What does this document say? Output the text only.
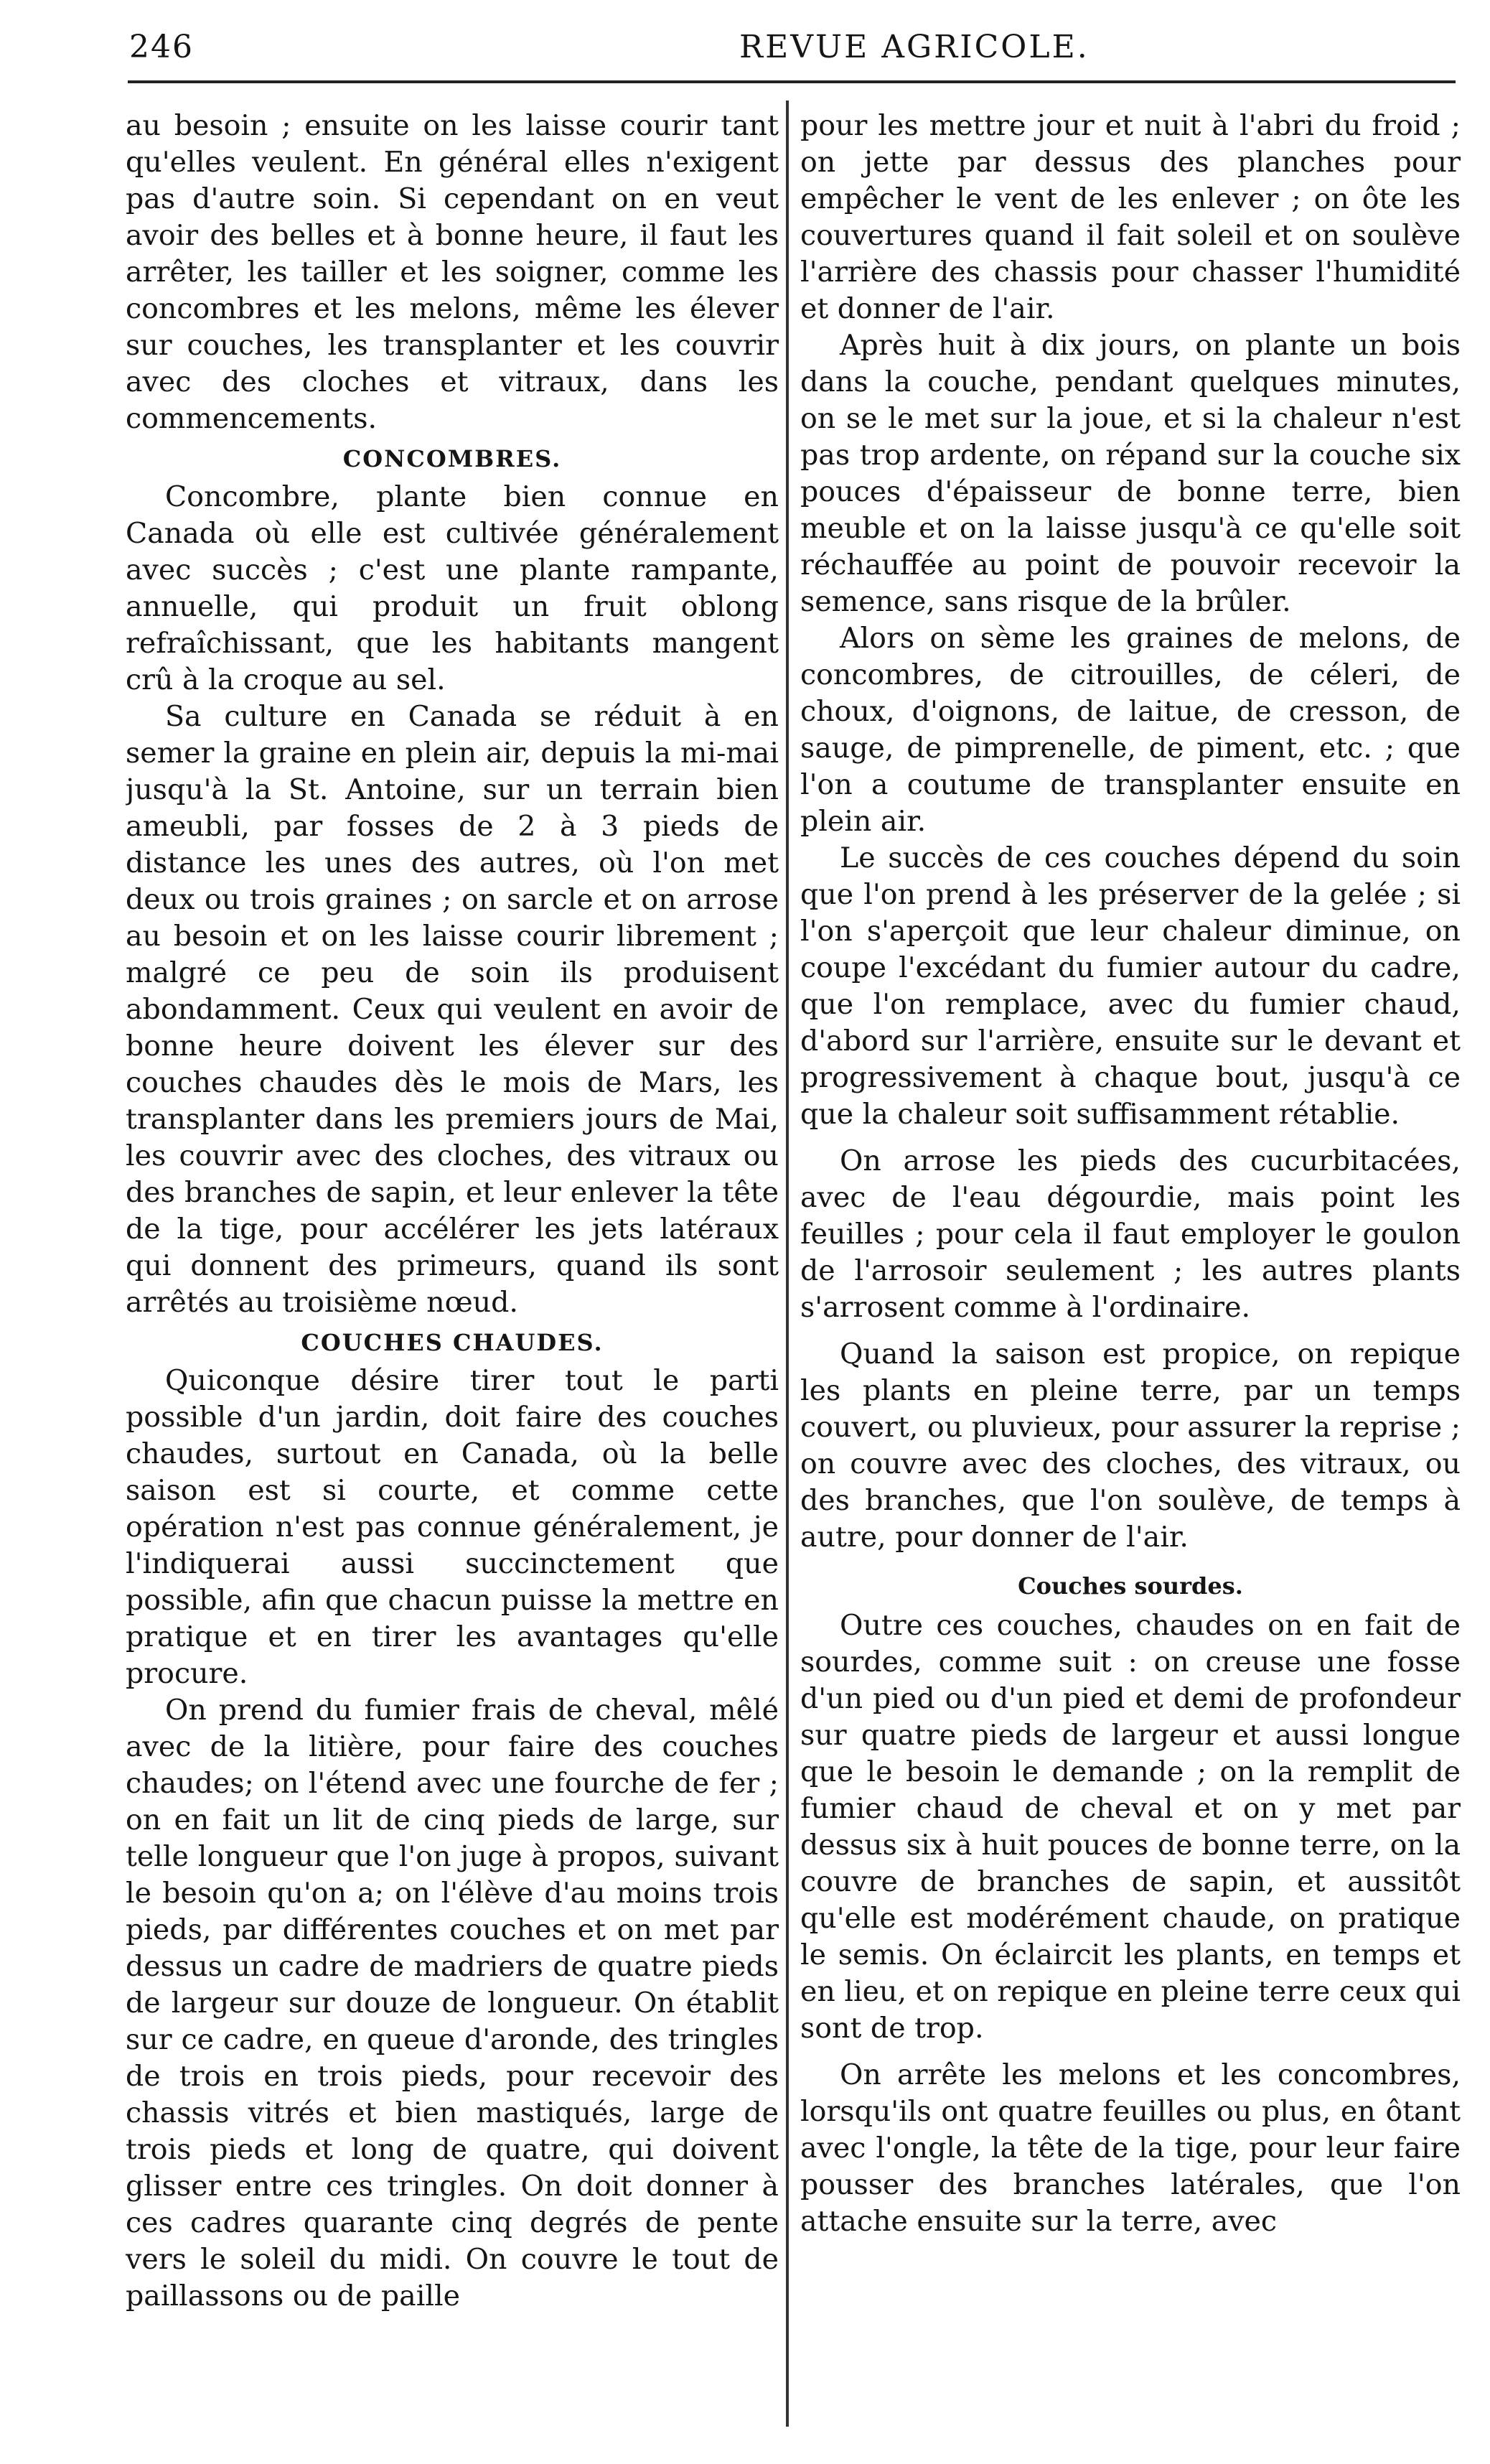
246	REVUE AGRICOLE.

au besoin ; ensuite on les laisse courir tant qu'elles veulent. En général elles n'exigent pas d'autre soin. Si cependant on en veut avoir des belles et à bonne heure, il faut les arrêter, les tailler et les soigner, comme les concombres et les melons, même les élever sur couches, les transplanter et les couvrir avec des cloches et vitraux, dans les commencements.

CONCOMBRES.

Concombre, plante bien connue en Canada où elle est cultivée généralement avec succès ; c'est une plante rampante, annuelle, qui produit un fruit oblong refraîchissant, que les habitants mangent crû à la croque au sel.

Sa culture en Canada se réduit à en semer la graine en plein air, depuis la mi-mai jusqu'à la St. Antoine, sur un terrain bien ameubli, par fosses de 2 à 3 pieds de distance les unes des autres, où l'on met deux ou trois graines ; on sarcle et on arrose au besoin et on les laisse courir librement ; malgré ce peu de soin ils produisent abondamment. Ceux qui veulent en avoir de bonne heure doivent les élever sur des couches chaudes dès le mois de Mars, les transplanter dans les premiers jours de Mai, les couvrir avec des cloches, des vitraux ou des branches de sapin, et leur enlever la tête de la tige, pour accélérer les jets latéraux qui donnent des primeurs, quand ils sont arrêtés au troisième nœud.

COUCHES CHAUDES.

Quiconque désire tirer tout le parti possible d'un jardin, doit faire des couches chaudes, surtout en Canada, où la belle saison est si courte, et comme cette opération n'est pas connue généralement, je l'indiquerai aussi succinctement que possible, afin que chacun puisse la mettre en pratique et en tirer les avantages qu'elle procure.

On prend du fumier frais de cheval, mêlé avec de la litière, pour faire des couches chaudes; on l'étend avec une fourche de fer ; on en fait un lit de cinq pieds de large, sur telle longueur que l'on juge à propos, suivant le besoin qu'on a; on l'élève d'au moins trois pieds, par différentes couches et on met par dessus un cadre de madriers de quatre pieds de largeur sur douze de longueur. On établit sur ce cadre, en queue d'aronde, des tringles de trois en trois pieds, pour recevoir des chassis vitrés et bien mastiqués, large de trois pieds et long de quatre, qui doivent glisser entre ces tringles. On doit donner à ces cadres quarante cinq degrés de pente vers le soleil du midi. On couvre le tout de paillassons ou de paille

pour les mettre jour et nuit à l'abri du froid ; on jette par dessus des planches pour empêcher le vent de les enlever ; on ôte les couvertures quand il fait soleil et on soulève l'arrière des chassis pour chasser l'humidité et donner de l'air.

Après huit à dix jours, on plante un bois dans la couche, pendant quelques minutes, on se le met sur la joue, et si la chaleur n'est pas trop ardente, on répand sur la couche six pouces d'épaisseur de bonne terre, bien meuble et on la laisse jusqu'à ce qu'elle soit réchauffée au point de pouvoir recevoir la semence, sans risque de la brûler.

Alors on sème les graines de melons, de concombres, de citrouilles, de céleri, de choux, d'oignons, de laitue, de cresson, de sauge, de pimprenelle, de piment, etc. ; que l'on a coutume de transplanter ensuite en plein air.

Le succès de ces couches dépend du soin que l'on prend à les préserver de la gelée ; si l'on s'aperçoit que leur chaleur diminue, on coupe l'excédant du fumier autour du cadre, que l'on remplace, avec du fumier chaud, d'abord sur l'arrière, ensuite sur le devant et progressivement à chaque bout, jusqu'à ce que la chaleur soit suffisamment rétablie.

On arrose les pieds des cucurbitacées, avec de l'eau dégourdie, mais point les feuilles ; pour cela il faut employer le goulon de l'arrosoir seulement ; les autres plants s'arrosent comme à l'ordinaire.

Quand la saison est propice, on repique les plants en pleine terre, par un temps couvert, ou pluvieux, pour assurer la reprise ; on couvre avec des cloches, des vitraux, ou des branches, que l'on soulève, de temps à autre, pour donner de l'air.

Couches sourdes.

Outre ces couches, chaudes on en fait de sourdes, comme suit : on creuse une fosse d'un pied ou d'un pied et demi de profondeur sur quatre pieds de largeur et aussi longue que le besoin le demande ; on la remplit de fumier chaud de cheval et on y met par dessus six à huit pouces de bonne terre, on la couvre de branches de sapin, et aussitôt qu'elle est modérément chaude, on pratique le semis. On éclaircit les plants, en temps et en lieu, et on repique en pleine terre ceux qui sont de trop.

On arrête les melons et les concombres, lorsqu'ils ont quatre feuilles ou plus, en ôtant avec l'ongle, la tête de la tige, pour leur faire pousser des branches latérales, que l'on attache ensuite sur la terre, avec
